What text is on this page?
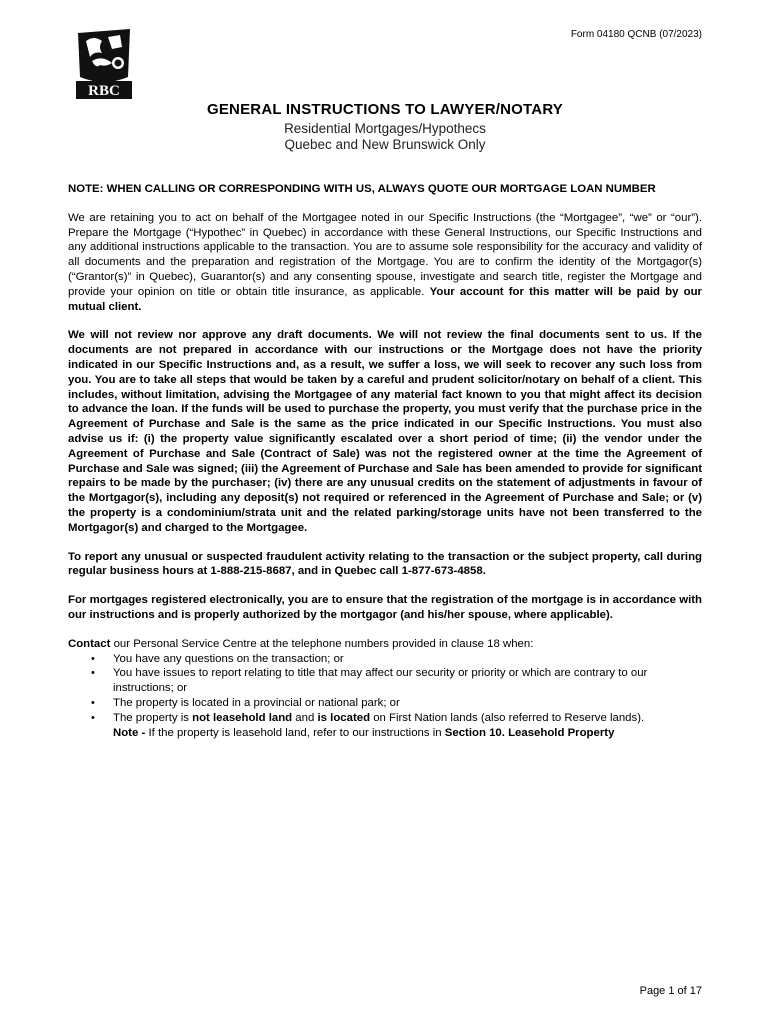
Form 04180 QCNB (07/2023)
RBC
GENERAL INSTRUCTIONS TO LAWYER/NOTARY
Residential Mortgages/Hypothecs
Quebec and New Brunswick Only

NOTE: WHEN CALLING OR CORRESPONDING WITH US, ALWAYS QUOTE OUR MORTGAGE LOAN NUMBER

We are retaining you to act on behalf of the Mortgagee noted in our Specific Instructions (the “Mortgagee”, “we” or “our”). Prepare the Mortgage (“Hypothec” in Quebec) in accordance with these General Instructions, our Specific Instructions and any additional instructions applicable to the transaction. You are to assume sole responsibility for the accuracy and validity of all documents and the preparation and registration of the Mortgage. You are to confirm the identity of the Mortgagor(s) (“Grantor(s)” in Quebec), Guarantor(s) and any consenting spouse, investigate and search title, register the Mortgage and provide your opinion on title or obtain title insurance, as applicable. Your account for this matter will be paid by our mutual client.

We will not review nor approve any draft documents. We will not review the final documents sent to us. If the documents are not prepared in accordance with our instructions or the Mortgage does not have the priority indicated in our Specific Instructions and, as a result, we suffer a loss, we will seek to recover any such loss from you. You are to take all steps that would be taken by a careful and prudent solicitor/notary on behalf of a client. This includes, without limitation, advising the Mortgagee of any material fact known to you that might affect its decision to advance the loan. If the funds will be used to purchase the property, you must verify that the purchase price in the Agreement of Purchase and Sale is the same as the price indicated in our Specific Instructions. You must also advise us if: (i) the property value significantly escalated over a short period of time; (ii) the vendor under the Agreement of Purchase and Sale (Contract of Sale) was not the registered owner at the time the Agreement of Purchase and Sale was signed; (iii) the Agreement of Purchase and Sale has been amended to provide for significant repairs to be made by the purchaser; (iv) there are any unusual credits on the statement of adjustments in favour of the Mortgagor(s), including any deposit(s) not required or referenced in the Agreement of Purchase and Sale; or (v) the property is a condominium/strata unit and the related parking/storage units have not been transferred to the Mortgagor(s) and charged to the Mortgagee.

To report any unusual or suspected fraudulent activity relating to the transaction or the subject property, call during regular business hours at 1-888-215-8687, and in Quebec call 1-877-673-4858.

For mortgages registered electronically, you are to ensure that the registration of the mortgage is in accordance with our instructions and is properly authorized by the mortgagor (and his/her spouse, where applicable).

Contact our Personal Service Centre at the telephone numbers provided in clause 18 when:
• You have any questions on the transaction; or
• You have issues to report relating to title that may affect our security or priority or which are contrary to our instructions; or
• The property is located in a provincial or national park; or
• The property is not leasehold land and is located on First Nation lands (also referred to Reserve lands).
Note - If the property is leasehold land, refer to our instructions in Section 10. Leasehold Property
Page 1 of 17
